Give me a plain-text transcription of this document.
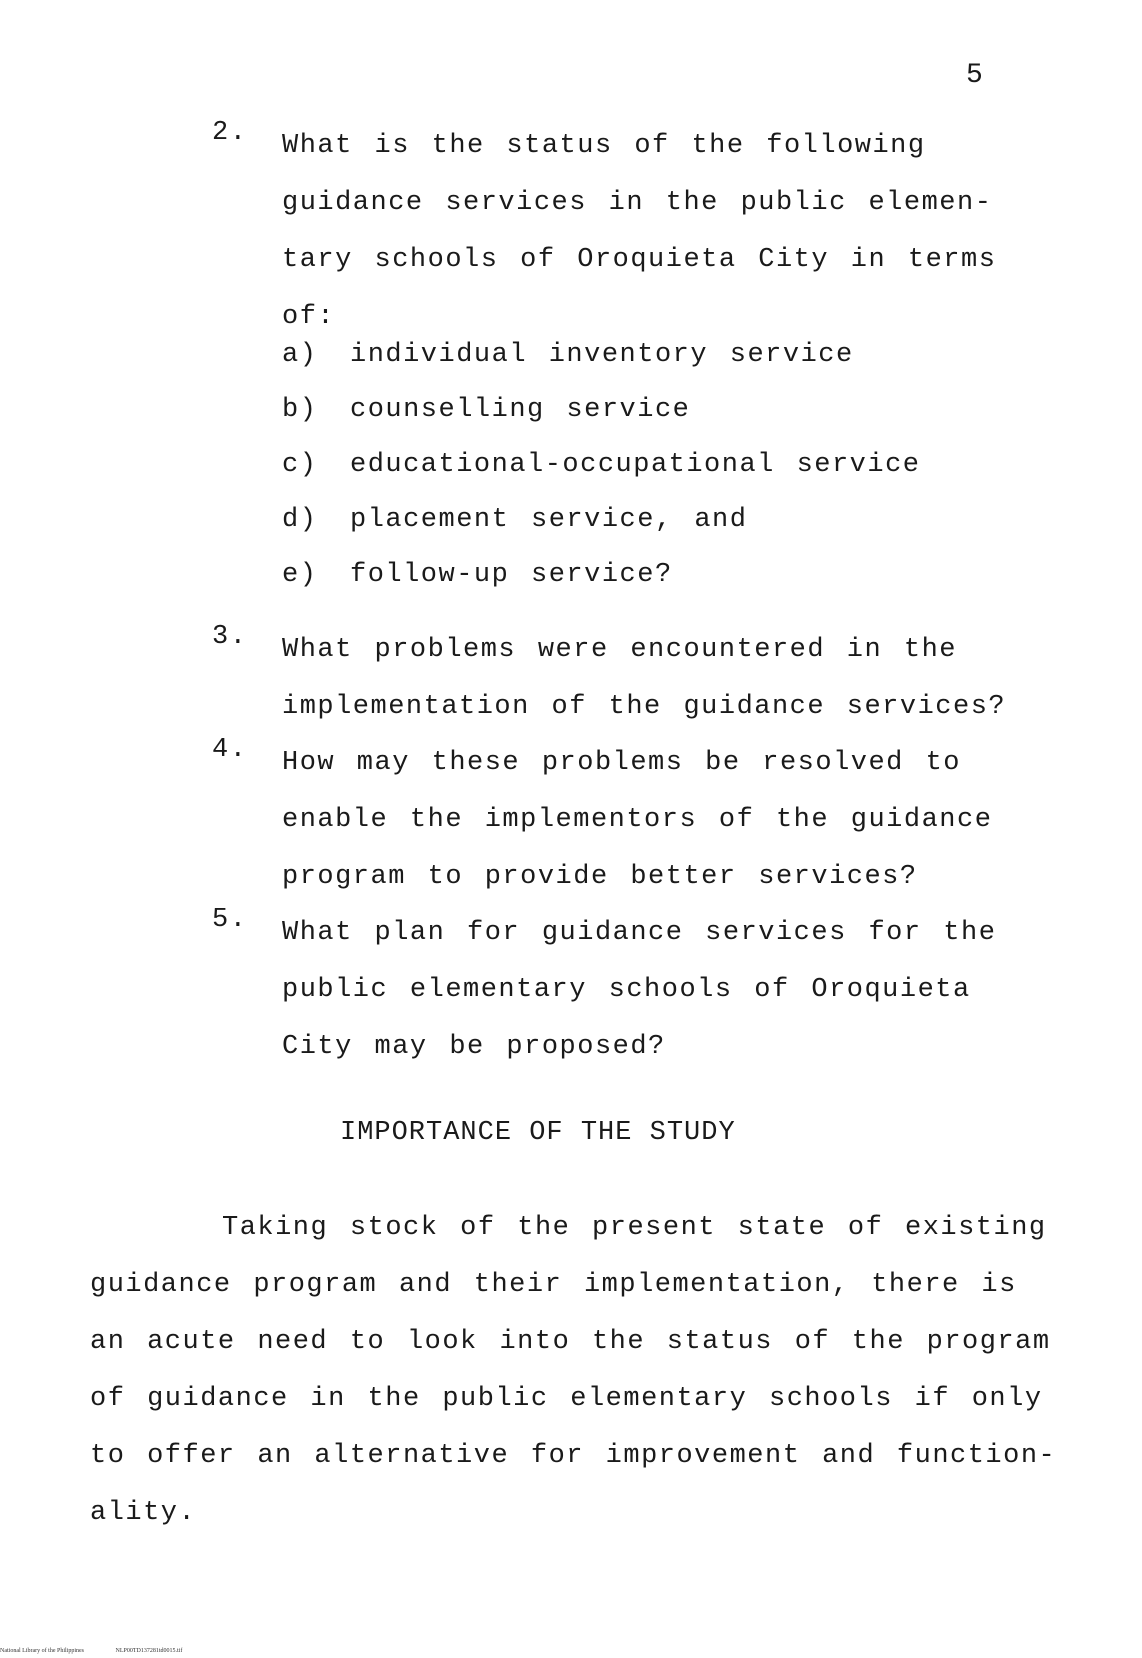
5
2. What is the status of the following
guidance services in the public elemen-
tary schools of Oroquieta City in terms
of:
a) individual inventory service
b) counselling service
c) educational-occupational service
d) placement service, and
e) follow-up service?
3. What problems were encountered in the
implementation of the guidance services?
4. How may these problems be resolved to
enable the implementors of the guidance
program to provide better services?
5. What plan for guidance services for the
public elementary schools of Oroquieta
City may be proposed?
IMPORTANCE OF THE STUDY
Taking stock of the present state of existing
guidance program and their implementation, there is
an acute need to look into the status of the program
of guidance in the public elementary schools if only
to offer an alternative for improvement and function-
ality.
National Library of the Philippines	NLP00TD137281td0015.tif
